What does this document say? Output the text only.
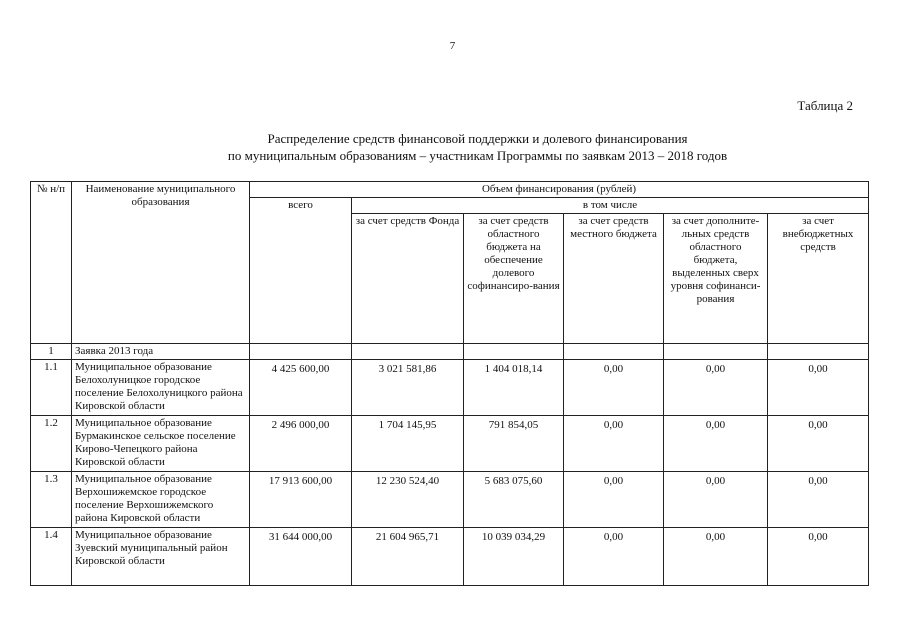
7
Таблица 2
Распределение средств финансовой поддержки и долевого финансирования
по муниципальным образованиям – участникам Программы по заявкам 2013 – 2018 годов
№ н/п	Наименование муниципального образования	Объем финансирования (рублей)					
		всего	в том числе				
			за счет средств Фонда	за счет средств областного бюджета на обеспечение долевого софинансиро-вания	за счет средств местного бюджета	за счет дополните-льных средств областного бюджета, выделенных сверх уровня софинанси-рования	за счет внебюджетных средств
1	Заявка 2013 года						
1.1	Муниципальное образование Белохолуницкое городское поселение Белохолуницкого района Кировской области	4 425 600,00	3 021 581,86	1 404 018,14	0,00	0,00	0,00
1.2	Муниципальное образование Бурмакинское сельское поселение Кирово-Чепецкого района Кировской области	2 496 000,00	1 704 145,95	791 854,05	0,00	0,00	0,00
1.3	Муниципальное образование Верхошижемское городское поселение Верхошижемского района Кировской области	17 913 600,00	12 230 524,40	5 683 075,60	0,00	0,00	0,00
1.4	Муниципальное образование Зуевский муниципальный район Кировской области	31 644 000,00	21 604 965,71	10 039 034,29	0,00	0,00	0,00
